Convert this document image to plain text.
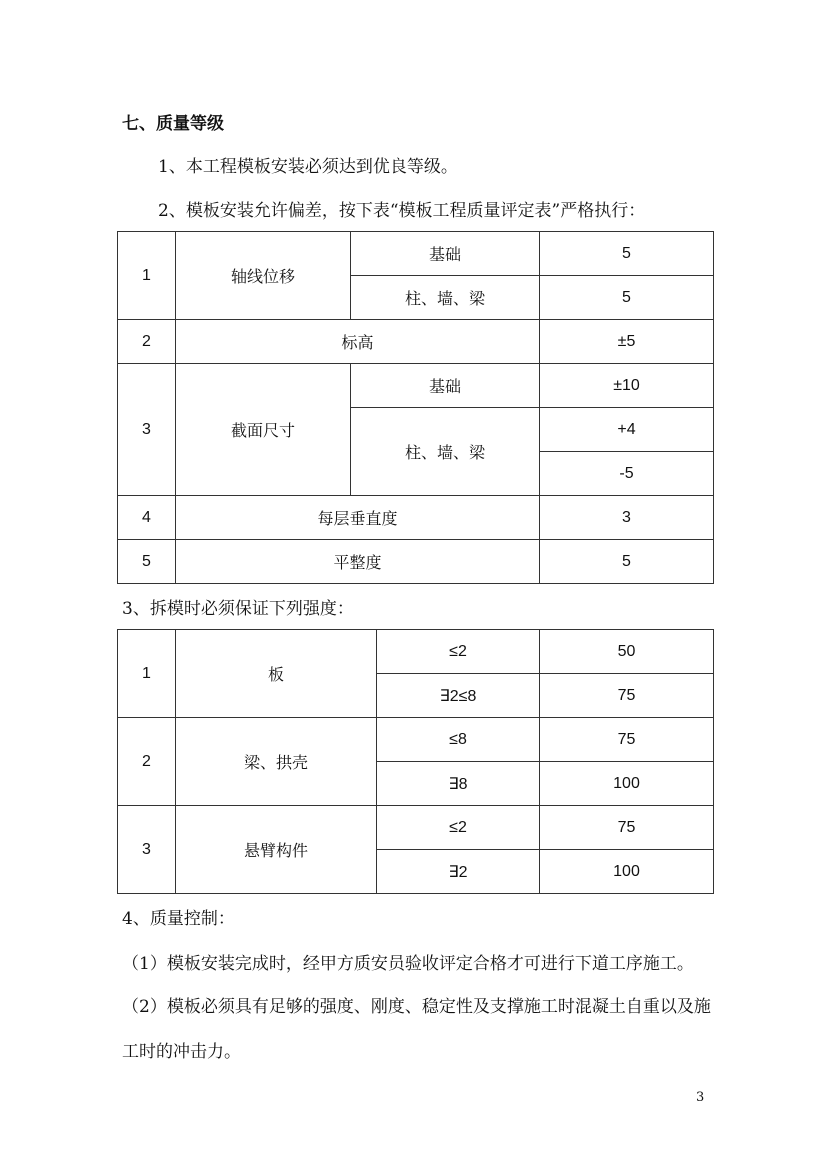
七、质量等级
1、本工程模板安装必须达到优良等级。
2、模板安装允许偏差，按下表“模板工程质量评定表”严格执行：
1	轴线位移	基础	5
		柱、墙、梁	5
2	标高		±5
3	截面尺寸	基础	±10
		柱、墙、梁	+4
			-5
4	每层垂直度		3
5	平整度		5
3、拆模时必须保证下列强度：
1	板	≤2	50
		∃2≤8	75
2	梁、拱壳	≤8	75
		∃8	100
3	悬臂构件	≤2	75
		∃2	100
4、质量控制：
（1）模板安装完成时，经甲方质安员验收评定合格才可进行下道工序施工。
（2）模板必须具有足够的强度、刚度、稳定性及支撑施工时混凝土自重以及施
工时的冲击力。
3
